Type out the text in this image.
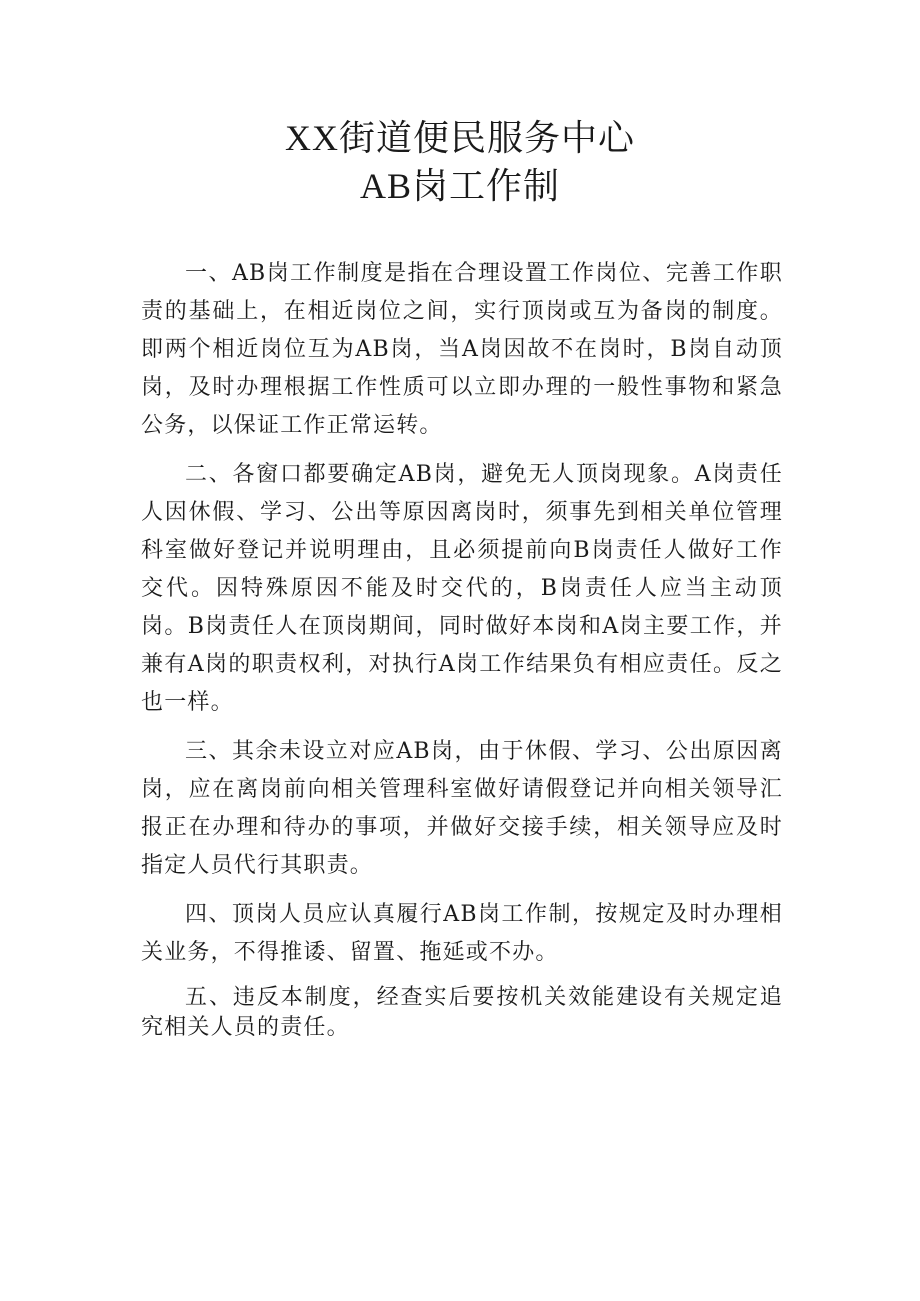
XX街道便民服务中心
AB岗工作制

一、AB岗工作制度是指在合理设置工作岗位、完善工作职责的基础上，在相近岗位之间，实行顶岗或互为备岗的制度。即两个相近岗位互为AB岗，当A岗因故不在岗时，B岗自动顶岗，及时办理根据工作性质可以立即办理的一般性事物和紧急公务，以保证工作正常运转。

二、各窗口都要确定AB岗，避免无人顶岗现象。A岗责任人因休假、学习、公出等原因离岗时，须事先到相关单位管理科室做好登记并说明理由，且必须提前向B岗责任人做好工作交代。因特殊原因不能及时交代的，B岗责任人应当主动顶岗。B岗责任人在顶岗期间，同时做好本岗和A岗主要工作，并兼有A岗的职责权利，对执行A岗工作结果负有相应责任。反之也一样。

三、其余未设立对应AB岗，由于休假、学习、公出原因离岗，应在离岗前向相关管理科室做好请假登记并向相关领导汇报正在办理和待办的事项，并做好交接手续，相关领导应及时指定人员代行其职责。

四、顶岗人员应认真履行AB岗工作制，按规定及时办理相关业务，不得推诿、留置、拖延或不办。

五、违反本制度，经查实后要按机关效能建设有关规定追究相关人员的责任。
